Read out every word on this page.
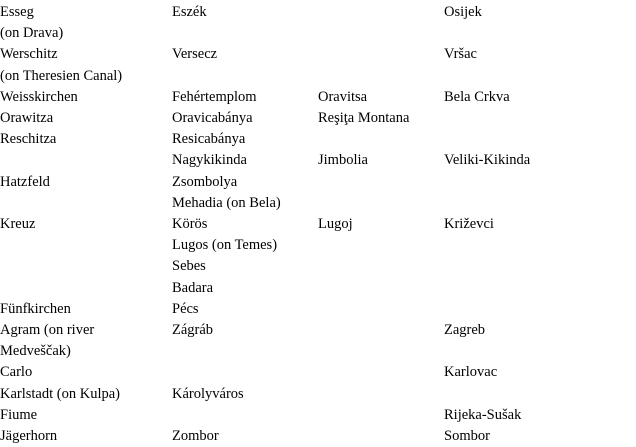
Esseg	Eszék		Osijek
(on Drava)			
Werschitz	Versecz		Vršac
(on Theresien Canal)			
Weisskirchen	Fehértemplom	Oravitsa	Bela Crkva
Orawitza	Oravicabánya	Reşiţa Montana	
Reschitza	Resicabánya		
	Nagykikinda	Jimbolia	Veliki-Kikinda
Hatzfeld	Zsombolya		
	Mehadia (on Bela)		
Kreuz	Körös	Lugoj	Križevci
	Lugos (on Temes)		
	Sebes		
	Badara		
Fünfkirchen	Pécs		
Agram (on river	Zágráb		Zagreb
Medveščak)			
Carlo			Karlovac
Karlstadt (on Kulpa)	Károlyváros		
Fiume			Rijeka-Sušak
Jägerhorn	Zombor		Sombor
